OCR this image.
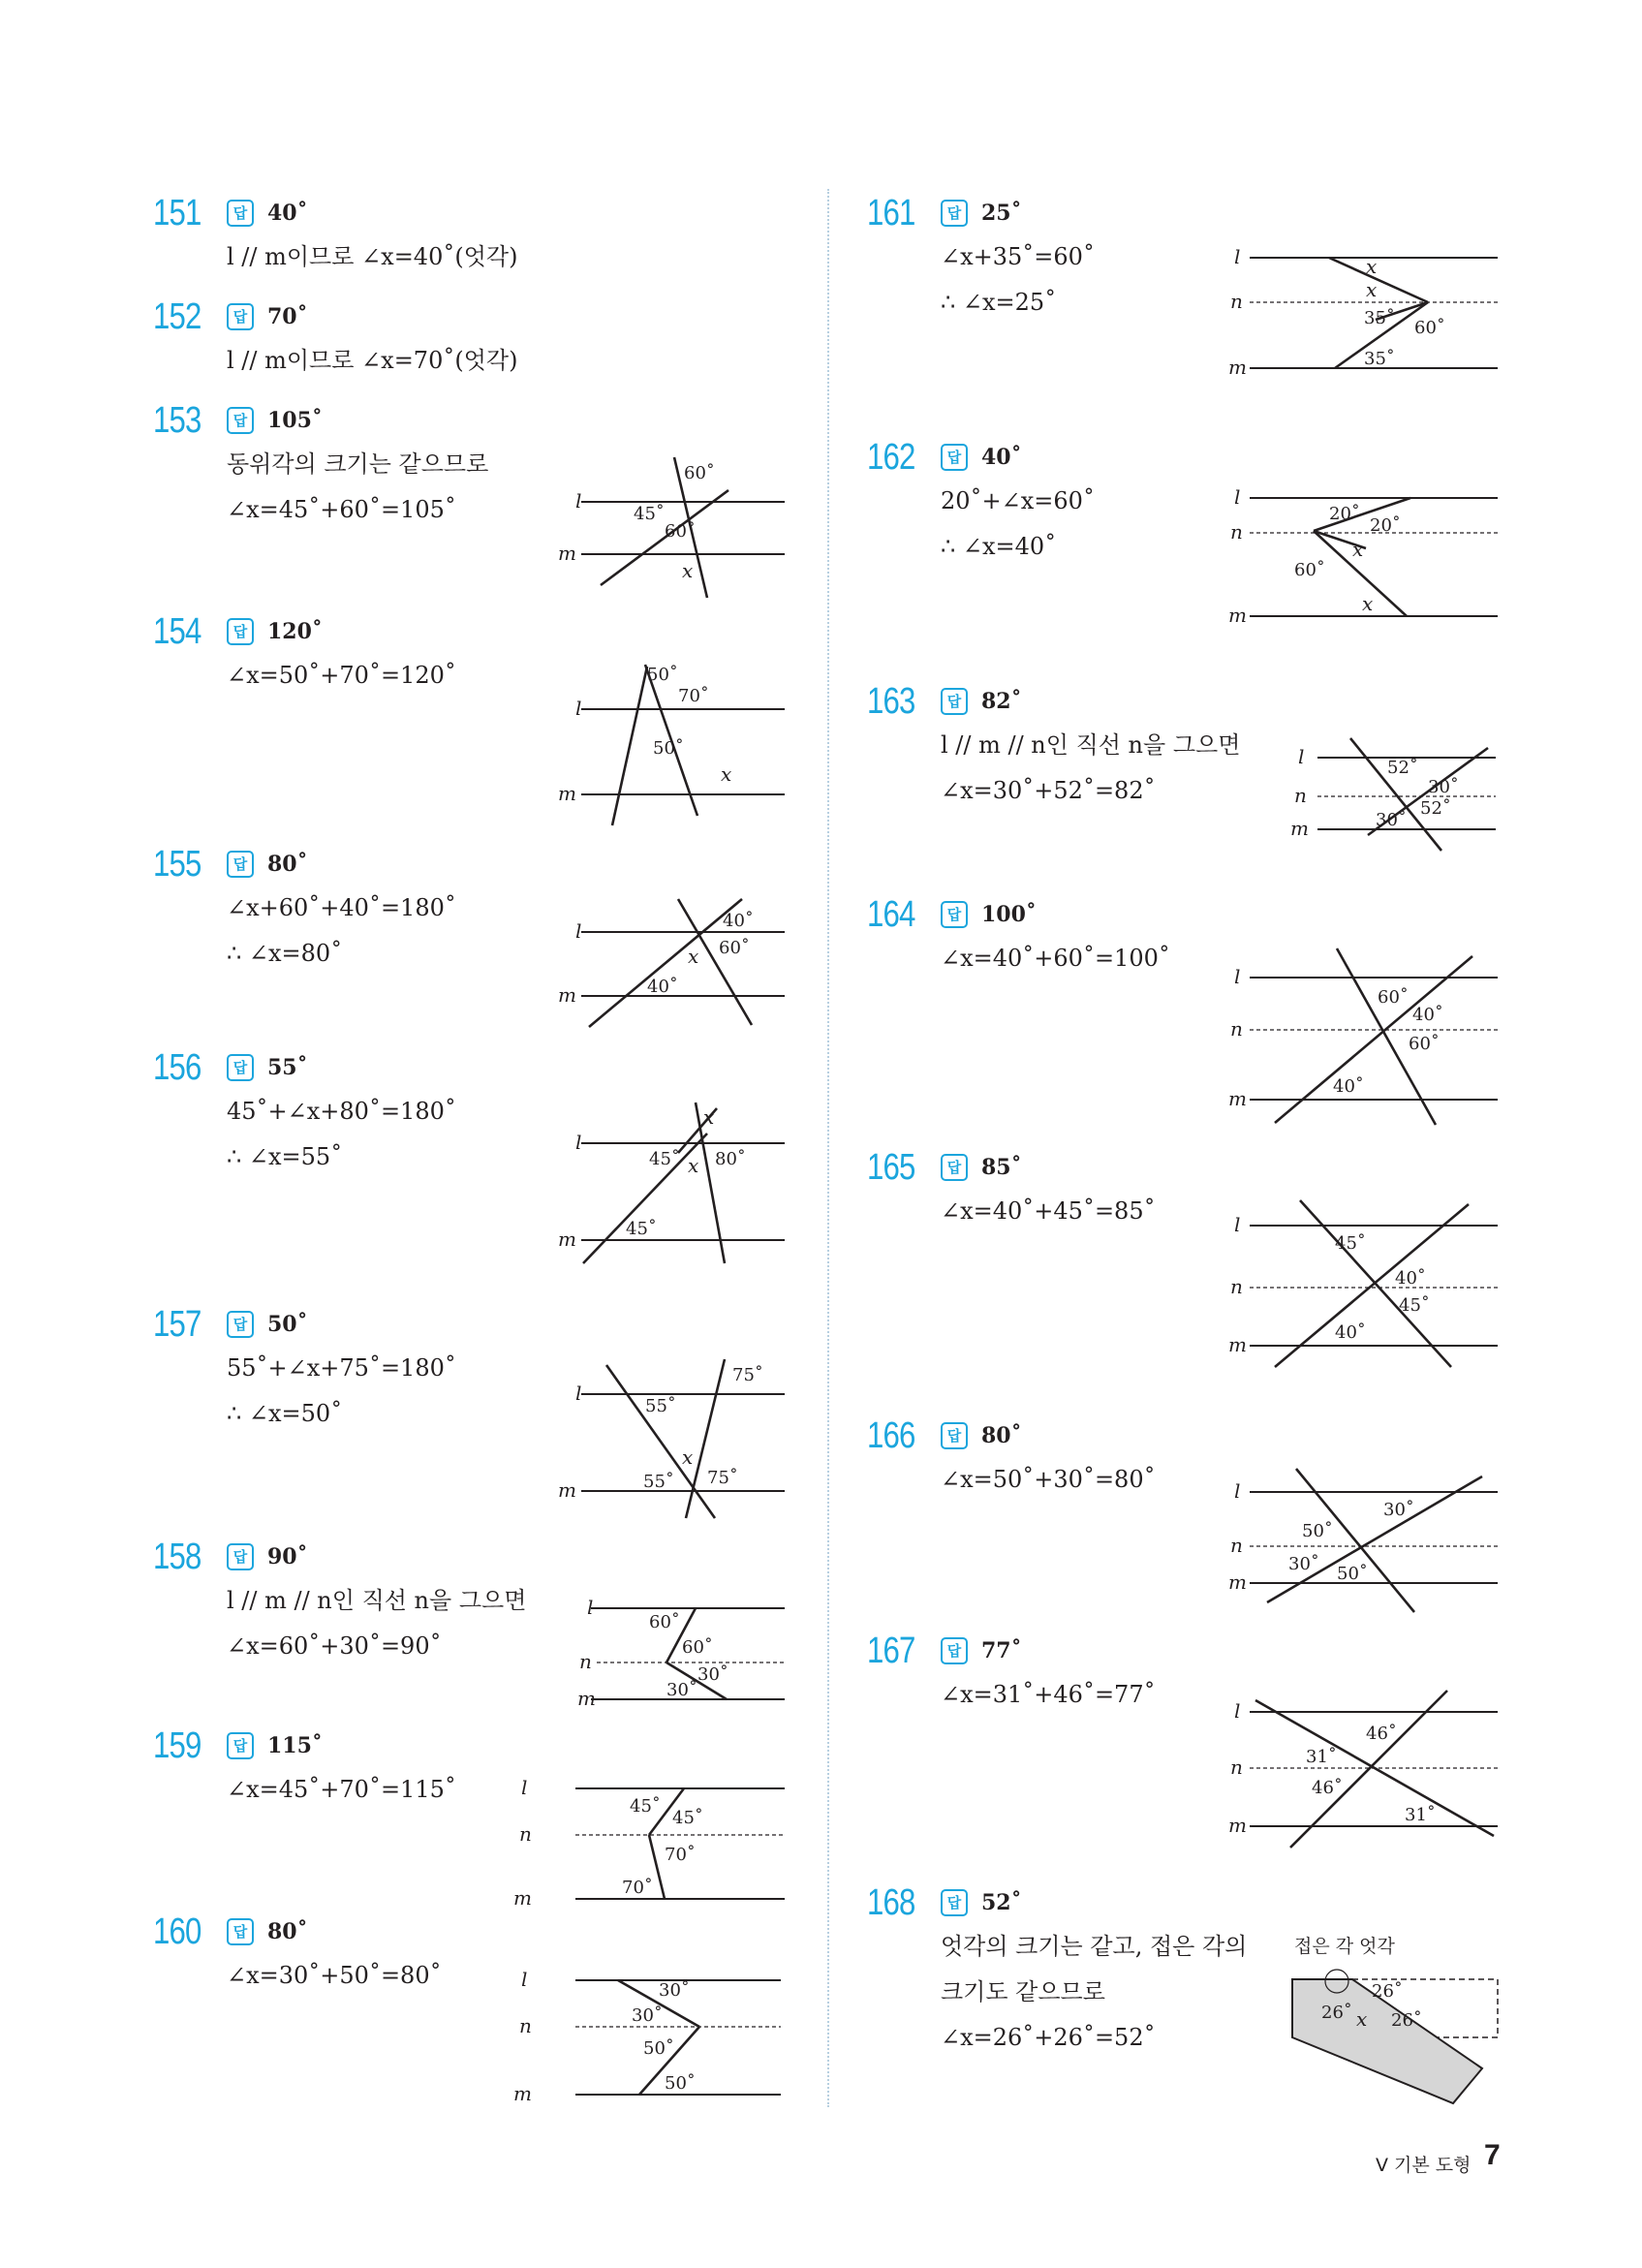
151	답 40˚
l // m이므로 ∠x=40˚(엇각)
152	답 70˚
l // m이므로 ∠x=70˚(엇각)
153	답 105˚
동위각의 크기는 같으므로
∠x=45˚+60˚=105˚	l
m
60˚
45˚
60˚
x
154	답 120˚
∠x=50˚+70˚=120˚
l
m
50˚
70˚
50˚
x
155	답 80˚
∠x+60˚+40˚=180˚
∴ ∠x=80˚
l
m
40˚
60˚
x
40˚
156	답 55˚
45˚+∠x+80˚=180˚
∴ ∠x=55˚
l
m
x
45˚ x 80˚
45˚
157	답 50˚
55˚+∠x+75˚=180˚
∴ ∠x=50˚
l
m
75˚
55˚
x
55˚ 75˚
158	답 90˚
l // m // n인 직선 n을 그으면
∠x=60˚+30˚=90˚
l
n
m
60˚
60˚
30˚
30˚
159	답 115˚
∠x=45˚+70˚=115˚	l
n
m
45˚
45˚
70˚
70˚
160	답 80˚
∠x=30˚+50˚=80˚	l
n
m
30˚
30˚
50˚
50˚
161	답 25˚
∠x+35˚=60˚
∴ ∠x=25˚
l
n
m
x
x
35˚ 60˚
35˚
162	답 40˚
20˚+∠x=60˚
∴ ∠x=40˚
l
n
m
20˚
20˚
x
60˚
x
163	답 82˚
l // m // n인 직선 n을 그으면
∠x=30˚+52˚=82˚
l
n
m
52˚
30˚
52˚
30˚
164	답 100˚
∠x=40˚+60˚=100˚
l
n
m
60˚
40˚
60˚
40˚
165	답 85˚
∠x=40˚+45˚=85˚	l
n
m
45˚
40˚
45˚
40˚
166	답 80˚
∠x=50˚+30˚=80˚	l
n
m
30˚
50˚
30˚ 50˚
167	답 77˚
∠x=31˚+46˚=77˚
l
n
m
46˚
31˚
46˚
31˚
168	답 52˚
엇각의 크기는 같고, 접은 각의
크기도 같으므로
∠x=26˚+26˚=52˚
접은 각 엇각
26˚
26˚ x 26˚
Ⅴ 기본 도형 7
